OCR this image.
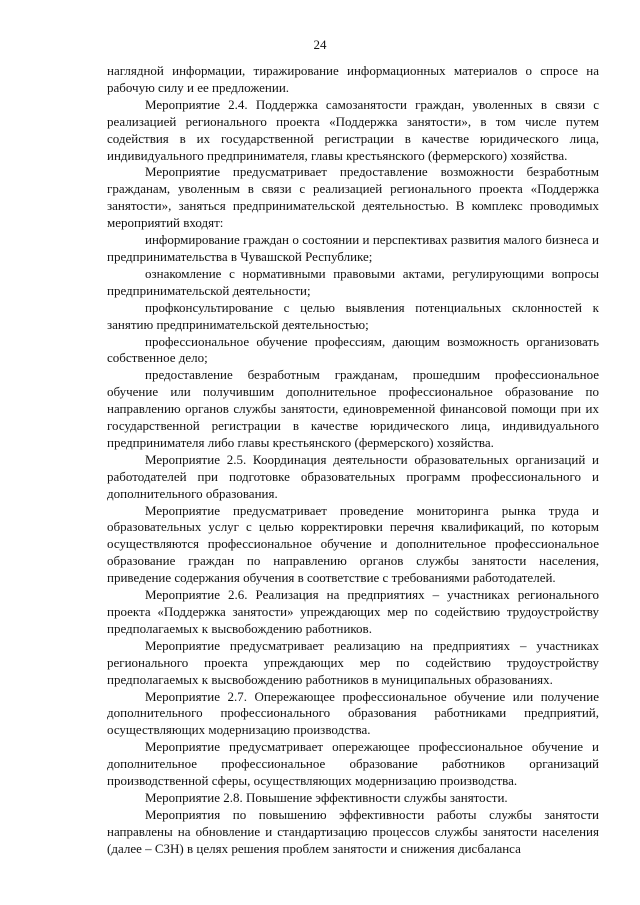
24

наглядной информации, тиражирование информационных материалов о спросе на рабочую силу и ее предложении.

Мероприятие 2.4. Поддержка самозанятости граждан, уволенных в связи с реализацией регионального проекта «Поддержка занятости», в том числе путем содействия в их государственной регистрации в качестве юридического лица, индивидуального предпринимателя, главы крестьянского (фермерского) хозяйства.

Мероприятие предусматривает предоставление возможности безработным гражданам, уволенным в связи с реализацией регионального проекта «Поддержка занятости», заняться предпринимательской деятельностью. В комплекс проводимых мероприятий входят:

информирование граждан о состоянии и перспективах развития малого бизнеса и предпринимательства в Чувашской Республике;

ознакомление с нормативными правовыми актами, регулирующими вопросы предпринимательской деятельности;

профконсультирование с целью выявления потенциальных склонностей к занятию предпринимательской деятельностью;

профессиональное обучение профессиям, дающим возможность организовать собственное дело;

предоставление безработным гражданам, прошедшим профессиональное обучение или получившим дополнительное профессиональное образование по направлению органов службы занятости, единовременной финансовой помощи при их государственной регистрации в качестве юридического лица, индивидуального предпринимателя либо главы крестьянского (фермерского) хозяйства.

Мероприятие 2.5. Координация деятельности образовательных организаций и работодателей при подготовке образовательных программ профессионального и дополнительного образования.

Мероприятие предусматривает проведение мониторинга рынка труда и образовательных услуг с целью корректировки перечня квалификаций, по которым осуществляются профессиональное обучение и дополнительное профессиональное образование граждан по направлению органов службы занятости населения, приведение содержания обучения в соответствие с требованиями работодателей.

Мероприятие 2.6. Реализация на предприятиях – участниках регионального проекта «Поддержка занятости» упреждающих мер по содействию трудоустройству предполагаемых к высвобождению работников.

Мероприятие предусматривает реализацию на предприятиях – участниках регионального проекта упреждающих мер по содействию трудоустройству предполагаемых к высвобождению работников в муниципальных образованиях.

Мероприятие 2.7. Опережающее профессиональное обучение или получение дополнительного профессионального образования работниками предприятий, осуществляющих модернизацию производства.

Мероприятие предусматривает опережающее профессиональное обучение и дополнительное профессиональное образование работников организаций производственной сферы, осуществляющих модернизацию производства.

Мероприятие 2.8. Повышение эффективности службы занятости.

Мероприятия по повышению эффективности работы службы занятости направлены на обновление и стандартизацию процессов службы занятости населения (далее – СЗН) в целях решения проблем занятости и снижения дисбаланса
